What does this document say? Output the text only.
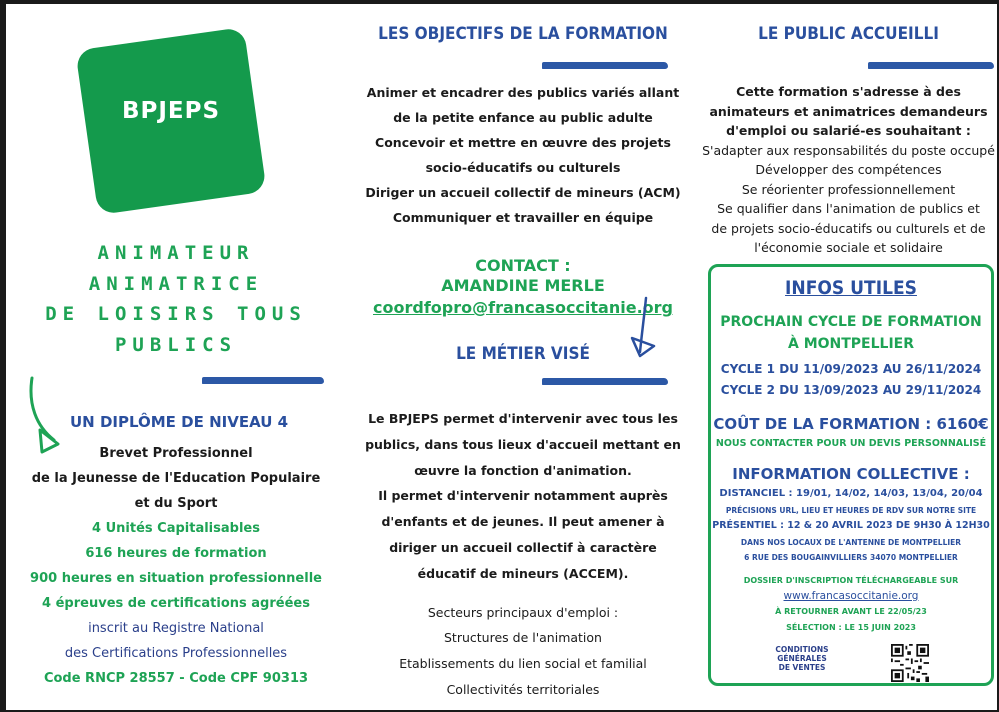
BPJEPS
ANIMATEUR
ANIMATRICE
DE LOISIRS TOUS
PUBLICS
UN DIPLÔME DE NIVEAU 4
Brevet Professionnel
de la Jeunesse de l'Education Populaire
et du Sport
4 Unités Capitalisables
616 heures de formation
900 heures en situation professionnelle
4 épreuves de certifications agréées
inscrit au Registre National
des Certifications Professionnelles
Code RNCP 28557 - Code CPF 90313
LES OBJECTIFS DE LA FORMATION
Animer et encadrer des publics variés allant
de la petite enfance au public adulte
Concevoir et mettre en œuvre des projets
socio-éducatifs ou culturels
Diriger un accueil collectif de mineurs (ACM)
Communiquer et travailler en équipe
CONTACT :
AMANDINE MERLE
coordfopro@francasoccitanie.org
LE MÉTIER VISÉ
Le BPJEPS permet d'intervenir avec tous les
publics, dans tous lieux d'accueil mettant en
œuvre la fonction d'animation.
Il permet d'intervenir notamment auprès
d'enfants et de jeunes. Il peut amener à
diriger un accueil collectif à caractère
éducatif de mineurs (ACCEM).
Secteurs principaux d'emploi :
Structures de l'animation
Etablissements du lien social et familial
Collectivités territoriales
LE PUBLIC ACCUEILLI
Cette formation s'adresse à des
animateurs et animatrices demandeurs
d'emploi ou salarié-es souhaitant :
S'adapter aux responsabilités du poste occupé
Développer des compétences
Se réorienter professionnellement
Se qualifier dans l'animation de publics et
de projets socio-éducatifs ou culturels et de
l'économie sociale et solidaire
INFOS UTILES
PROCHAIN CYCLE DE FORMATION
À MONTPELLIER
CYCLE 1 DU 11/09/2023 AU 26/11/2024
CYCLE 2 DU 13/09/2023 AU 29/11/2024
COÛT DE LA FORMATION : 6160€
NOUS CONTACTER POUR UN DEVIS PERSONNALISÉ
INFORMATION COLLECTIVE :
DISTANCIEL : 19/01, 14/02, 14/03, 13/04, 20/04
PRÉCISIONS URL, LIEU ET HEURES DE RDV SUR NOTRE SITE
PRÉSENTIEL : 12 & 20 AVRIL 2023 DE 9H30 À 12H30
DANS NOS LOCAUX DE L'ANTENNE DE MONTPELLIER
6 RUE DES BOUGAINVILLIERS 34070 MONTPELLIER
DOSSIER D'INSCRIPTION TÉLÉCHARGEABLE SUR
www.francasoccitanie.org
À RETOURNER AVANT LE 22/05/23
SÉLECTION : LE 15 JUIN 2023
CONDITIONS
GÉNÉRALES
DE VENTES
